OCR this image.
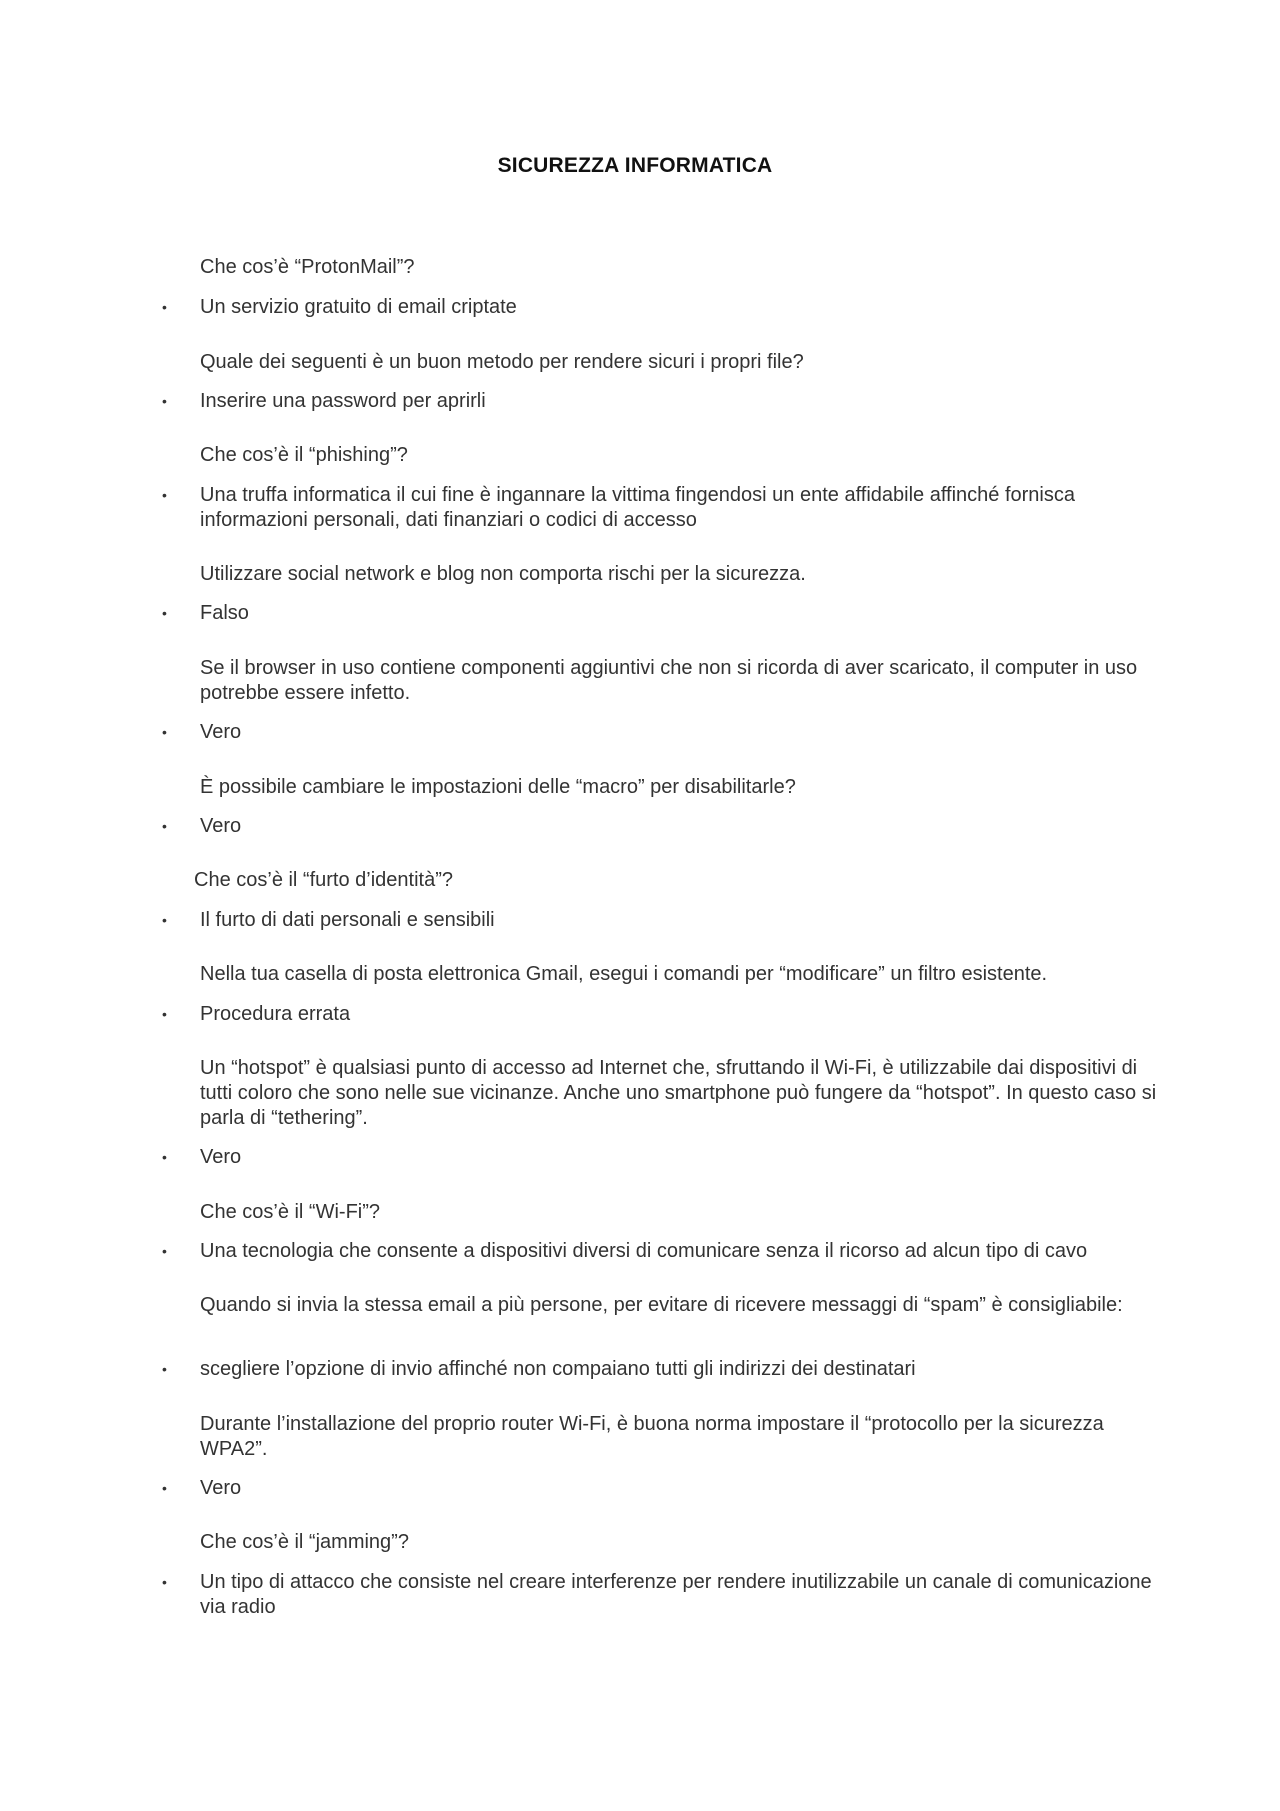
SICUREZZA INFORMATICA
Che cos’è “ProtonMail”?
• Un servizio gratuito di email criptate
Quale dei seguenti è un buon metodo per rendere sicuri i propri file?
• Inserire una password per aprirli
Che cos’è il “phishing”?
• Una truffa informatica il cui fine è ingannare la vittima fingendosi un ente affidabile affinché fornisca informazioni personali, dati finanziari o codici di accesso
Utilizzare social network e blog non comporta rischi per la sicurezza.
• Falso
Se il browser in uso contiene componenti aggiuntivi che non si ricorda di aver scaricato, il computer in uso potrebbe essere infetto.
• Vero
È possibile cambiare le impostazioni delle “macro” per disabilitarle?
• Vero
Che cos’è il “furto d’identità”?
• Il furto di dati personali e sensibili
Nella tua casella di posta elettronica Gmail, esegui i comandi per “modificare” un filtro esistente.
• Procedura errata
Un “hotspot” è qualsiasi punto di accesso ad Internet che, sfruttando il Wi-Fi, è utilizzabile dai dispositivi di tutti coloro che sono nelle sue vicinanze. Anche uno smartphone può fungere da “hotspot”. In questo caso si parla di “tethering”.
• Vero
Che cos’è il “Wi-Fi”?
• Una tecnologia che consente a dispositivi diversi di comunicare senza il ricorso ad alcun tipo di cavo
Quando si invia la stessa email a più persone, per evitare di ricevere messaggi di “spam” è consigliabile:
• scegliere l’opzione di invio affinché non compaiano tutti gli indirizzi dei destinatari
Durante l’installazione del proprio router Wi-Fi, è buona norma impostare il “protocollo per la sicurezza WPA2”.
• Vero
Che cos’è il “jamming”?
• Un tipo di attacco che consiste nel creare interferenze per rendere inutilizzabile un canale di comunicazione via radio
